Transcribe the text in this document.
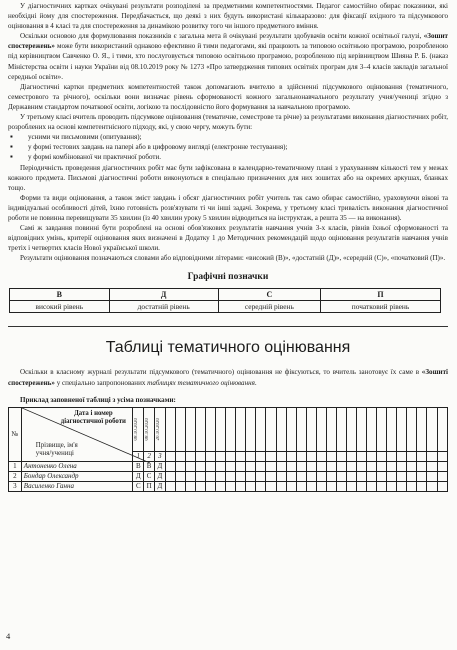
У діагностичних картках очікувані результати розподілені за предметними компетентностями. Педагог самостійно обирає показники, які необхідні йому для спостереження. Передбачається, що деякі з них будуть використані кількаразово: для фіксації вхідного та підсумкового оцінювання в 4 класі та для спостереження за динамікою розвитку того чи іншого предметного вміння.

Оскільки основою для формулювання показників є загальна мета й очікувані результати здобувачів освіти кожної освітньої галузі, «Зошит спостережень» може бути використаний однаково ефективно й тими педагогами, які працюють за типовою освітньою програмою, розробленою під керівництвом Савченко О. Я., і тими, хто послуговується типовою освітньою програмою, розробленою під керівництвом Шияна Р. Б. (наказ Міністерства освіти і науки України від 08.10.2019 року № 1273 «Про затвердження типових освітніх програм для 3–4 класів закладів загальної середньої освіти».

Діагностичні картки предметних компетентностей також допомагають вчителю в здійсненні підсумкового оцінювання (тематичного, семестрового та річного), оскільки вони визначає рівень сформованості кожного загальнонавчального результату учня/учениці згідно з Державним стандартом початкової освіти, логікою та послідовністю його формування за навчальною програмою.

У третьому класі вчитель проводить підсумкове оцінювання (тематичне, семестрове та річне) за результатами виконання діагностичних робіт, розроблених на основі компетентнісного підходу, які, у свою чергу, можуть бути:

▪ усними чи письмовими (опитування);
▪ у формі тестових завдань на папері або в цифровому вигляді (електронне тестування);
▪ у формі комбінованої чи практичної роботи.

Періодичність проведення діагностичних робіт має бути зафіксована в календарно-тематичному плані з урахуванням кількості тем у межах кожного предмета. Письмові діагностичні роботи виконуються в спеціально призначених для них зошитах або на окремих аркушах, бланках тощо.

Форми та види оцінювання, а також зміст завдань і обсяг діагностичних робіт учитель так само обирає самостійно, ураховуючи вікові та індивідуальні особливості дітей, їхню готовність розв'язувати ті чи інші задачі. Зокрема, у третьому класі тривалість виконання діагностичної роботи не повинна перевищувати 35 хвилин (із 40 хвилин уроку 5 хвилин відводиться на інструктаж, а решта 35 — на виконання).

Самі ж завдання повинні бути розроблені на основі обов'язкових результатів навчання учнів 3-х класів, рівнів їхньої сформованості та відповідних умінь, критерії оцінювання яких визначені в Додатку 1 до Методичних рекомендацій щодо оцінювання результатів навчання учнів третіх і четвертих класів Нової української школи.

Результати оцінювання позначаються словами або відповідними літерами: «високий (В)», «достатній (Д)», «середній (С)», «початковий (П)».

Графічні позначки
В	Д	С	П
високий рівень	достатній рівень	середній рівень	початковий рівень
Таблиці тематичного оцінювання

Оскільки в класному журналі результати підсумкового (тематичного) оцінювання не фіксуються, то вчитель занотовує їх саме в «Зошиті спостережень» у спеціально запропонованих таблицях тематичного оцінювання.

Приклад заповненої таблиці з усіма позначками:
№	Дата і номер діагностичної роботи
Прізвище, ім'я учня/учениці	08.10.2020	08.10.2020	20.10.2020																												

		1	2	3																												
1	Антоненко Олена	В	В	Д																												
2	Бондар Олександр	Д	С	Д																												
3	Василенко Ганна	С	П	Д																												
4
